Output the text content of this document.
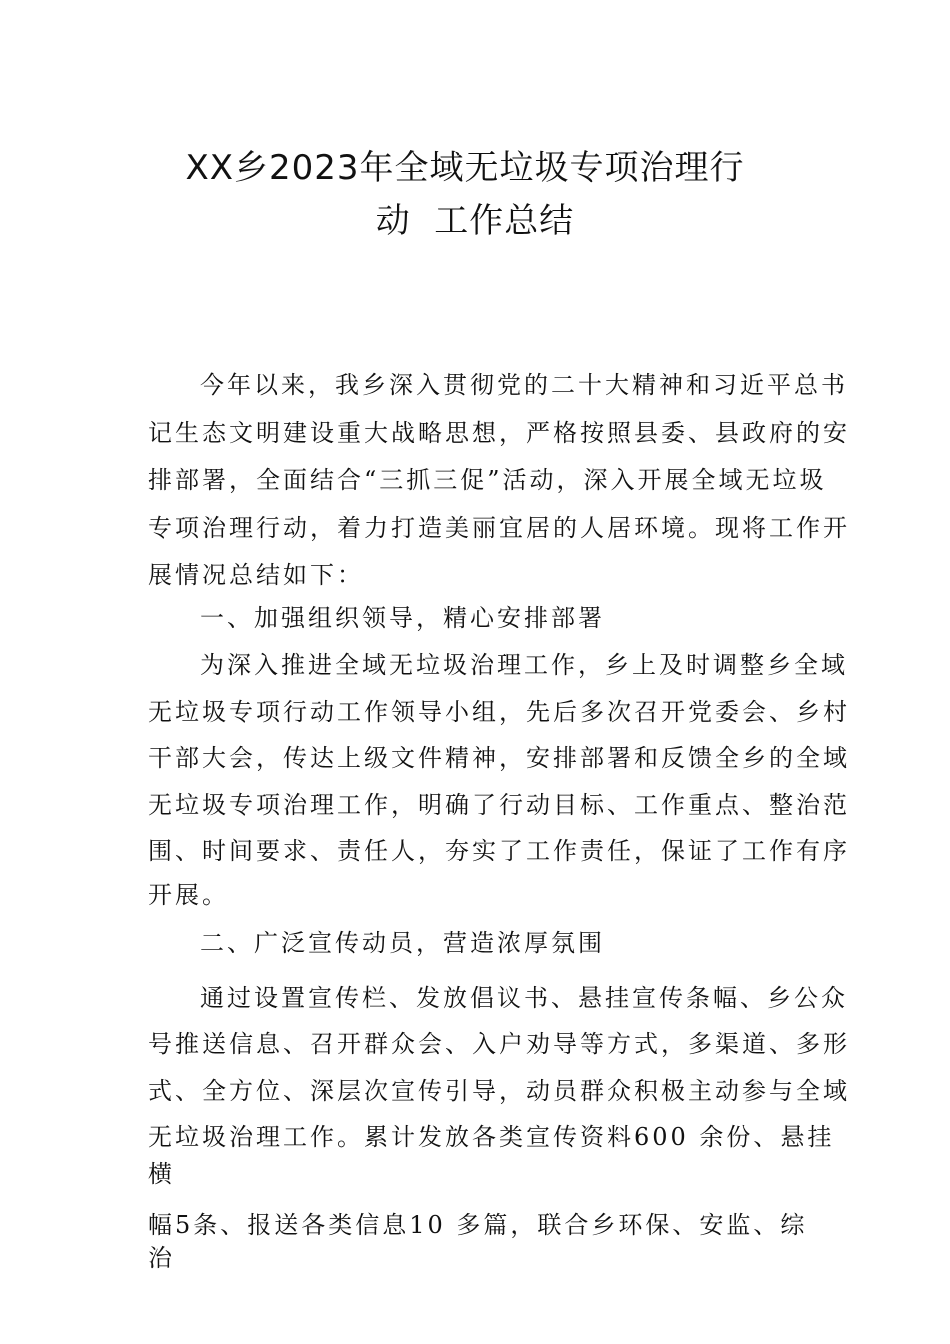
XX乡2023年全域无垃圾专项治理行
动  工作总结
今年以来，我乡深入贯彻党的二十大精神和习近平总书
记生态文明建设重大战略思想，严格按照县委、县政府的安
排部署，全面结合“三抓三促”活动，深入开展全域无垃圾
专项治理行动，着力打造美丽宜居的人居环境。现将工作开
展情况总结如下：
一、加强组织领导，精心安排部署
为深入推进全域无垃圾治理工作，乡上及时调整乡全域
无垃圾专项行动工作领导小组，先后多次召开党委会、乡村
干部大会，传达上级文件精神，安排部署和反馈全乡的全域
无垃圾专项治理工作，明确了行动目标、工作重点、整治范
围、时间要求、责任人，夯实了工作责任，保证了工作有序
开展。
二、广泛宣传动员，营造浓厚氛围
通过设置宣传栏、发放倡议书、悬挂宣传条幅、乡公众
号推送信息、召开群众会、入户劝导等方式，多渠道、多形
式、全方位、深层次宣传引导，动员群众积极主动参与全域
无垃圾治理工作。累计发放各类宣传资料600 余份、悬挂
横
幅5条、报送各类信息10 多篇，联合乡环保、安监、综
治
